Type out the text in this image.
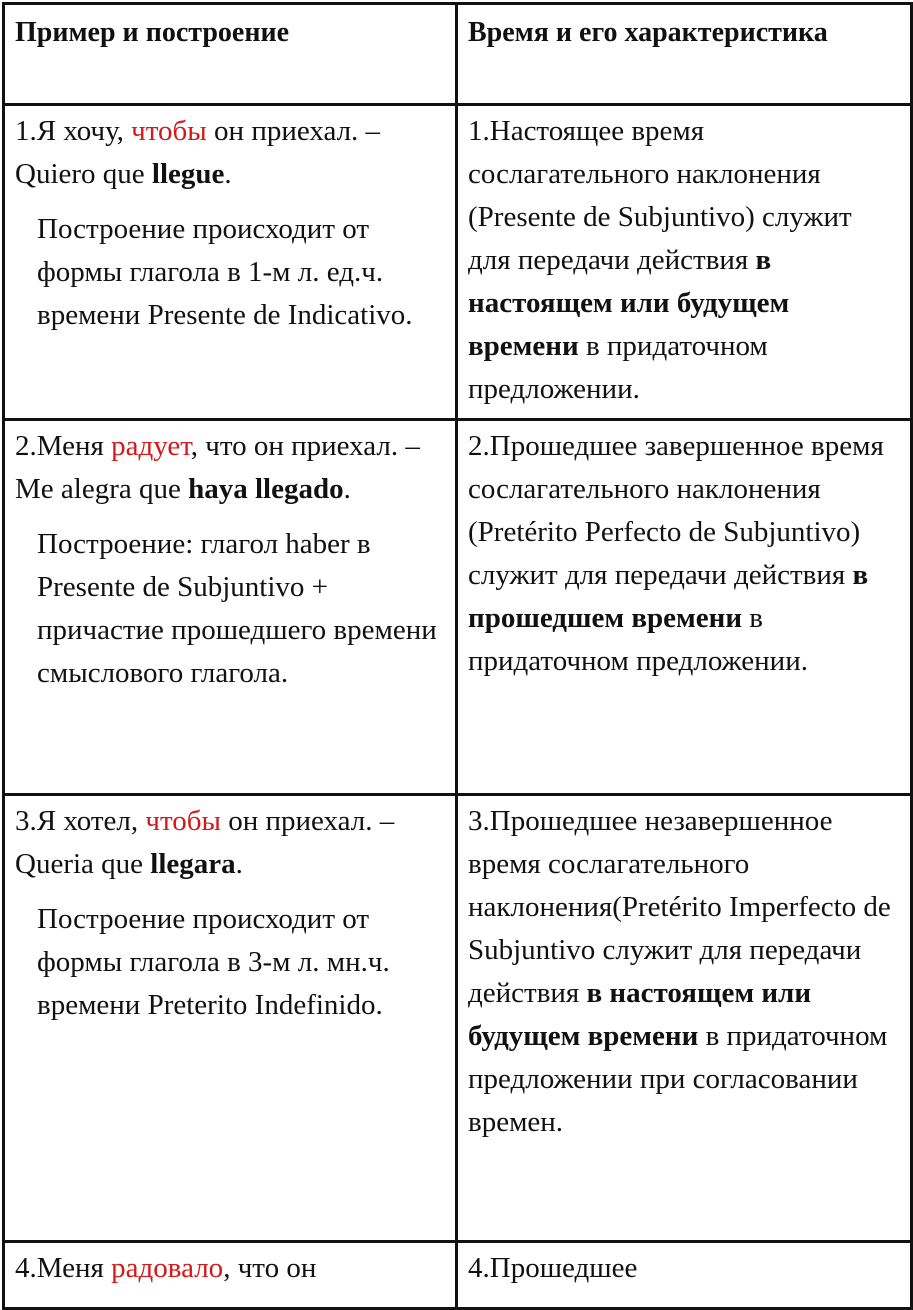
Пример и построение	Время и его характеристика

1.Я хочу, чтобы он приехал. – Quiero que llegue.

Построение происходит от формы глагола в 1-м л. ед.ч. времени Presente de Indicativo.	1.Настоящее время сослагательного наклонения (Presente de Subjuntivo) служит для передачи действия в настоящем или будущем времени в придаточном предложении.

2.Меня радует, что он приехал. – Me alegra que haya llegado.

Построение: глагол haber в Presente de Subjuntivo + причастие прошедшего времени смыслового глагола.	2.Прошедшее завершенное время сослагательного наклонения (Pretérito Perfecto de Subjuntivo) служит для передачи действия в прошедшем времени в придаточном предложении.

3.Я хотел, чтобы он приехал. – Queria que llegara.

Построение происходит от формы глагола в 3-м л. мн.ч. времени Preterito Indefinido.	3.Прошедшее незавершенное время сослагательного наклонения(Pretérito Imperfecto de Subjuntivo служит для передачи действия в настоящем или будущем времени в придаточном предложении при согласовании времен.

4.Меня радовало, что он	4.Прошедшее
